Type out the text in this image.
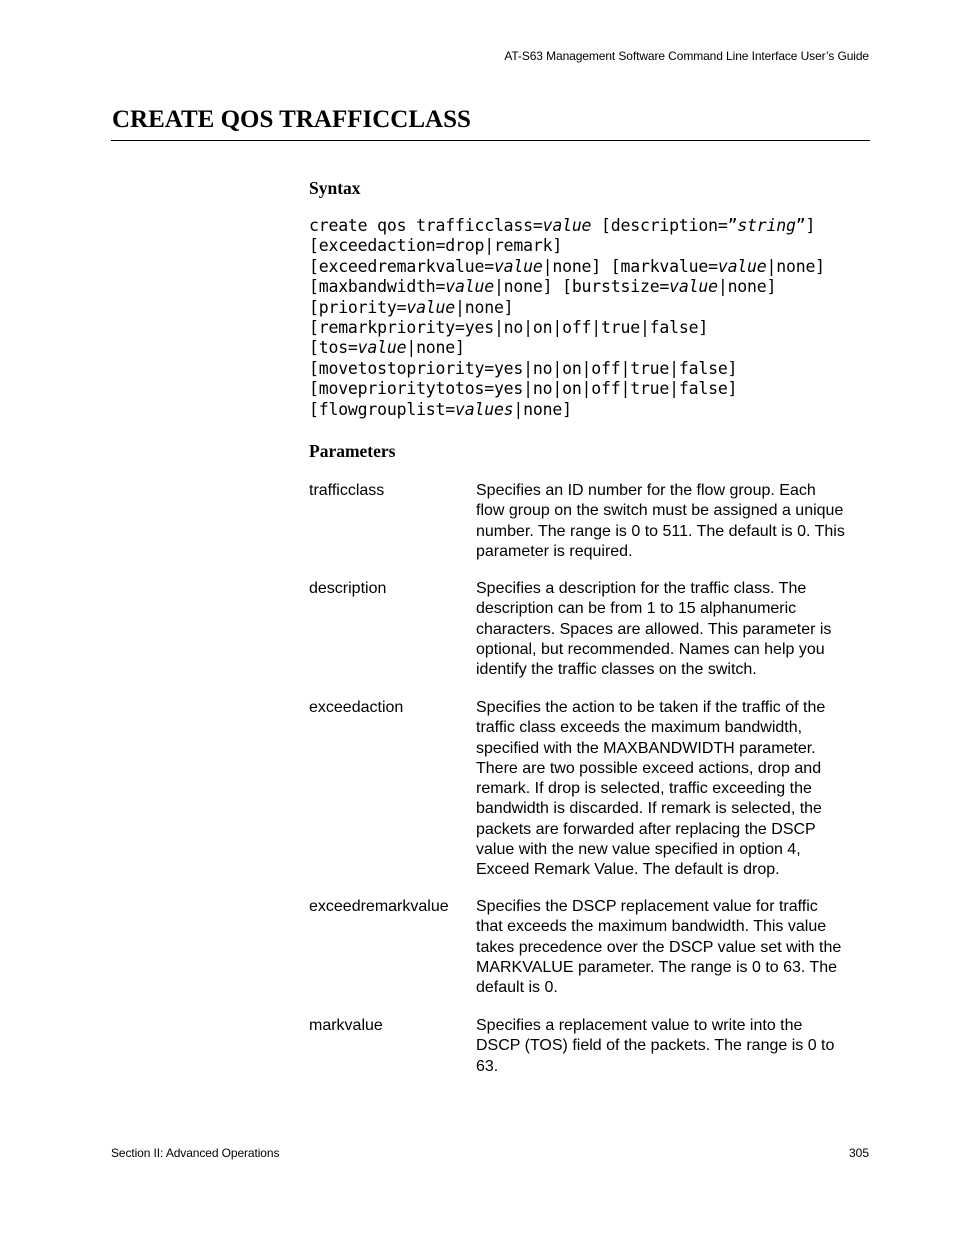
AT-S63 Management Software Command Line Interface User’s Guide
CREATE QOS TRAFFICCLASS
Syntax
create qos trafficclass=value [description=”string”]
[exceedaction=drop|remark]
[exceedremarkvalue=value|none] [markvalue=value|none]
[maxbandwidth=value|none] [burstsize=value|none]
[priority=value|none]
[remarkpriority=yes|no|on|off|true|false]
[tos=value|none]
[movetostopriority=yes|no|on|off|true|false]
[moveprioritytotos=yes|no|on|off|true|false]
[flowgrouplist=values|none]
Parameters
trafficclass	Specifies an ID number for the flow group. Each
flow group on the switch must be assigned a unique
number. The range is 0 to 511. The default is 0. This
parameter is required.
description	Specifies a description for the traffic class. The
description can be from 1 to 15 alphanumeric
characters. Spaces are allowed. This parameter is
optional, but recommended. Names can help you
identify the traffic classes on the switch.
exceedaction	Specifies the action to be taken if the traffic of the
traffic class exceeds the maximum bandwidth,
specified with the MAXBANDWIDTH parameter.
There are two possible exceed actions, drop and
remark. If drop is selected, traffic exceeding the
bandwidth is discarded. If remark is selected, the
packets are forwarded after replacing the DSCP
value with the new value specified in option 4,
Exceed Remark Value. The default is drop.
exceedremarkvalue	Specifies the DSCP replacement value for traffic
that exceeds the maximum bandwidth. This value
takes precedence over the DSCP value set with the
MARKVALUE parameter. The range is 0 to 63. The
default is 0.
markvalue	Specifies a replacement value to write into the
DSCP (TOS) field of the packets. The range is 0 to
63.
Section II: Advanced Operations	305
